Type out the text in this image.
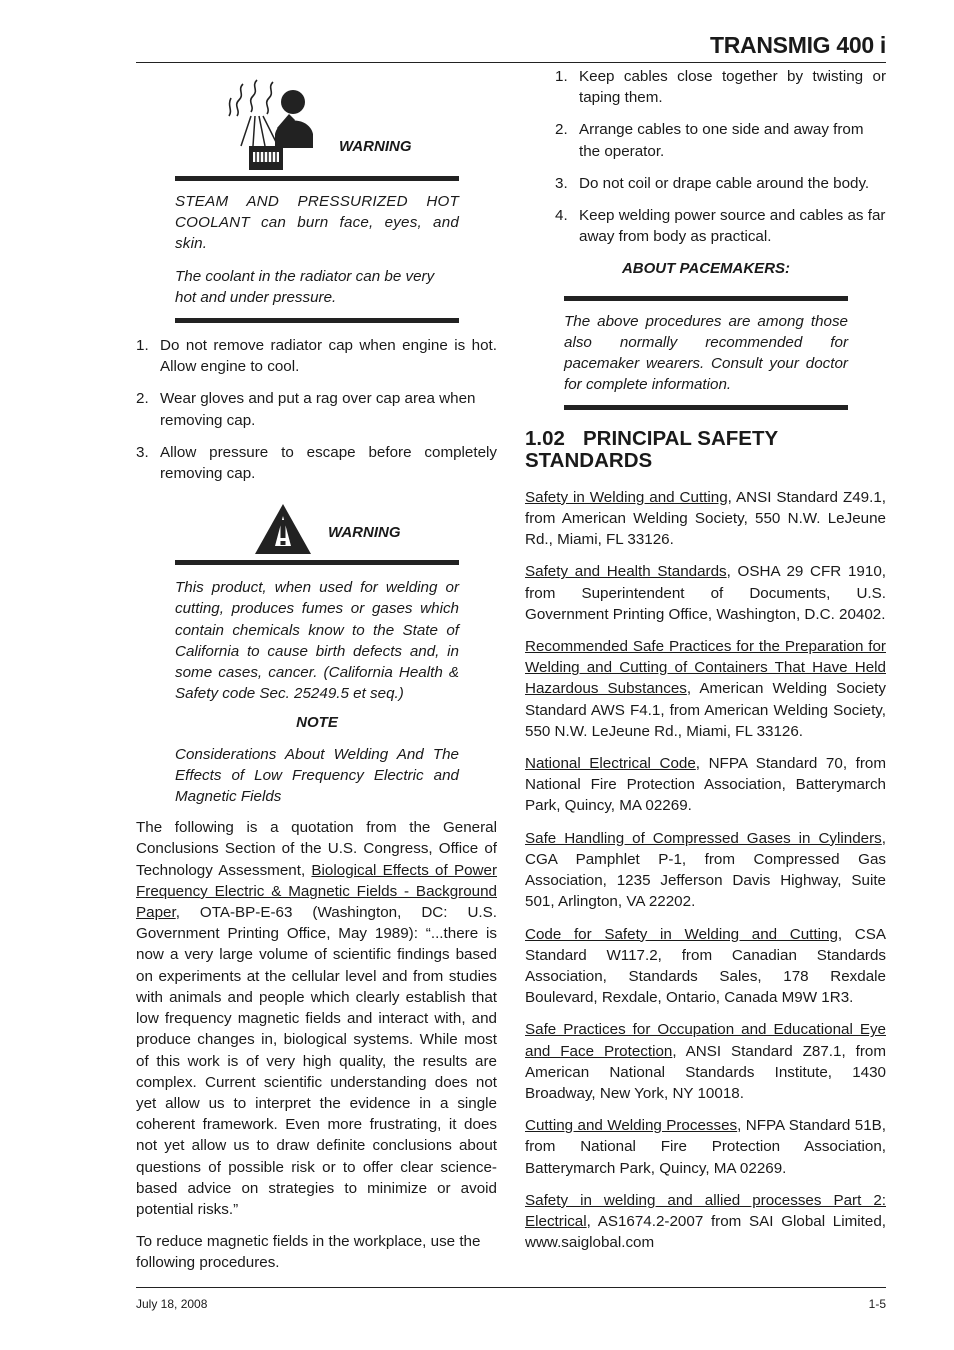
TRANSMIG 400 i
WARNING

STEAM AND PRESSURIZED HOT COOLANT can burn face, eyes, and skin.

The coolant in the radiator can be very hot and under pressure.

1. Do not remove radiator cap when engine is hot. Allow engine to cool.
2. Wear gloves and put a rag over cap area when removing cap.
3. Allow pressure to escape before completely removing cap.
WARNING

This product, when used for welding or cutting, produces fumes or gases which contain chemicals know to the State of California to cause birth defects and, in some cases, cancer. (California Health & Safety code Sec. 25249.5 et seq.)

NOTE

Considerations About Welding And The Effects of Low Frequency Electric and Magnetic Fields

The following is a quotation from the General Conclusions Section of the U.S. Congress, Office of Technology Assessment, Biological Effects of Power Frequency Electric & Magnetic Fields - Background Paper, OTA-BP-E-63 (Washington, DC: U.S. Government Printing Office, May 1989): “...there is now a very large volume of scientific findings based on experiments at the cellular level and from studies with animals and people which clearly establish that low frequency magnetic fields and interact with, and produce changes in, biological systems. While most of this work is of very high quality, the results are complex. Current scientific understanding does not yet allow us to interpret the evidence in a single coherent framework. Even more frustrating, it does not yet allow us to draw definite conclusions about questions of possible risk or to offer clear science-based advice on strategies to minimize or avoid potential risks.”

To reduce magnetic fields in the workplace, use the following procedures.

1. Keep cables close together by twisting or taping them.
2. Arrange cables to one side and away from the operator.
3. Do not coil or drape cable around the body.
4. Keep welding power source and cables as far away from body as practical.

ABOUT PACEMAKERS:

The above procedures are among those also normally recommended for pacemaker wearers. Consult your doctor for complete information.

1.02 PRINCIPAL SAFETY STANDARDS

Safety in Welding and Cutting, ANSI Standard Z49.1, from American Welding Society, 550 N.W. LeJeune Rd., Miami, FL 33126.

Safety and Health Standards, OSHA 29 CFR 1910, from Superintendent of Documents, U.S. Government Printing Office, Washington, D.C. 20402.

Recommended Safe Practices for the Preparation for Welding and Cutting of Containers That Have Held Hazardous Substances, American Welding Society Standard AWS F4.1, from American Welding Society, 550 N.W. LeJeune Rd., Miami, FL 33126.

National Electrical Code, NFPA Standard 70, from National Fire Protection Association, Batterymarch Park, Quincy, MA 02269.

Safe Handling of Compressed Gases in Cylinders, CGA Pamphlet P-1, from Compressed Gas Association, 1235 Jefferson Davis Highway, Suite 501, Arlington, VA 22202.

Code for Safety in Welding and Cutting, CSA Standard W117.2, from Canadian Standards Association, Standards Sales, 178 Rexdale Boulevard, Rexdale, Ontario, Canada M9W 1R3.

Safe Practices for Occupation and Educational Eye and Face Protection, ANSI Standard Z87.1, from American National Standards Institute, 1430 Broadway, New York, NY 10018.

Cutting and Welding Processes, NFPA Standard 51B, from National Fire Protection Association, Batterymarch Park, Quincy, MA 02269.

Safety in welding and allied processes Part 2: Electrical, AS1674.2-2007 from SAI Global Limited, www.saiglobal.com

July 18, 2008	1-5
